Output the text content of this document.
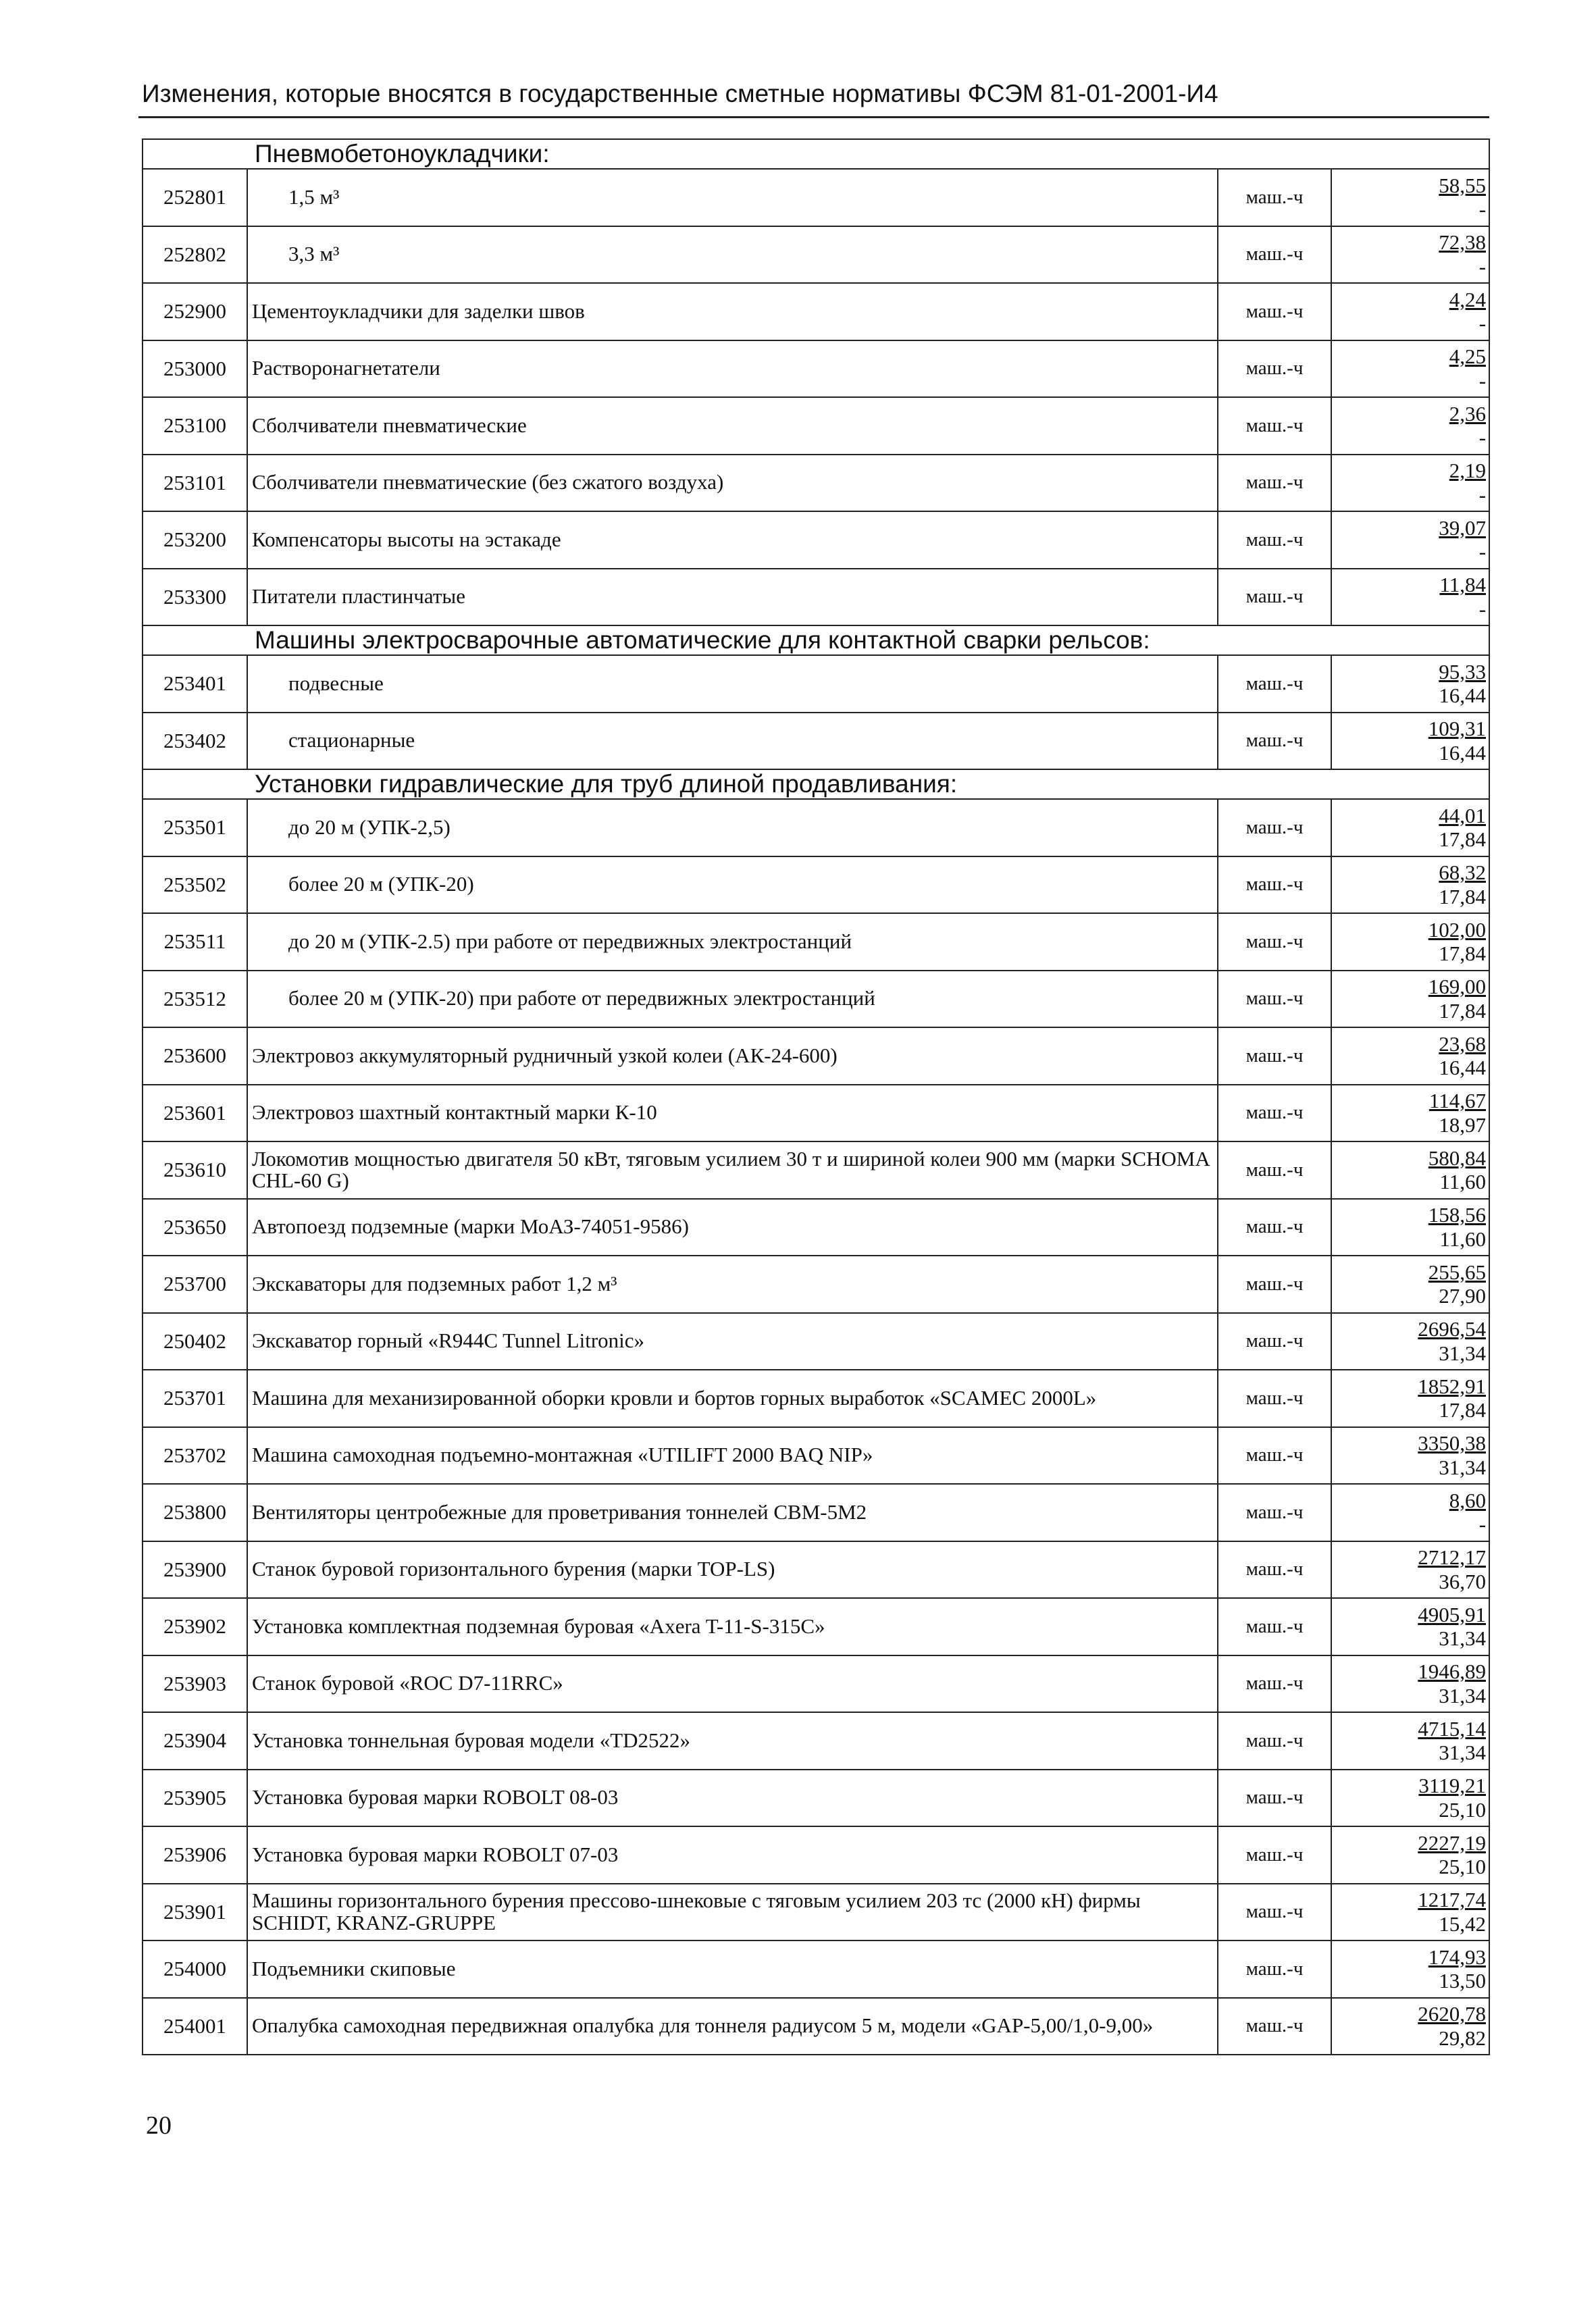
Изменения, которые вносятся в государственные сметные нормативы ФСЭМ 81-01-2001-И4
Пневмобетоноукладчики:			
252801	1,5 м³	маш.-ч	58,55
-

252802	3,3 м³	маш.-ч	72,38
-

252900	Цементоукладчики для заделки швов	маш.-ч	4,24
-

253000	Растворонагнетатели	маш.-ч	4,25
-

253100	Сболчиватели пневматические	маш.-ч	2,36
-

253101	Сболчиватели пневматические (без сжатого воздуха)	маш.-ч	2,19
-

253200	Компенсаторы высоты на эстакаде	маш.-ч	39,07
-

253300	Питатели пластинчатые	маш.-ч	11,84
-

Машины электросварочные автоматические для контактной сварки рельсов:			
253401	подвесные	маш.-ч	95,33
16,44

253402	стационарные	маш.-ч	109,31
16,44

Установки гидравлические для труб длиной продавливания:			
253501	до 20 м (УПК-2,5)	маш.-ч	44,01
17,84

253502	более 20 м (УПК-20)	маш.-ч	68,32
17,84

253511	до 20 м (УПК-2.5) при работе от передвижных электростанций	маш.-ч	102,00
17,84

253512	более 20 м (УПК-20) при работе от передвижных электростанций	маш.-ч	169,00
17,84

253600	Электровоз аккумуляторный рудничный узкой колеи (АК-24-600)	маш.-ч	23,68
16,44

253601	Электровоз шахтный контактный марки К-10	маш.-ч	114,67
18,97

253610	Локомотив мощностью двигателя 50 кВт, тяговым усилием 30 т и шириной колеи 900 мм (марки SCHOMA CHL-60 G)	маш.-ч	580,84
11,60

253650	Автопоезд подземные (марки МоАЗ-74051-9586)	маш.-ч	158,56
11,60

253700	Экскаваторы для подземных работ 1,2 м³	маш.-ч	255,65
27,90

250402	Экскаватор горный «R944C Tunnel Litronic»	маш.-ч	2696,54
31,34

253701	Машина для механизированной оборки кровли и бортов горных выработок «SCAMEC 2000L»	маш.-ч	1852,91
17,84

253702	Машина самоходная подъемно-монтажная «UTILIFT 2000 BAQ NIP»	маш.-ч	3350,38
31,34

253800	Вентиляторы центробежные для проветривания тоннелей СВМ-5М2	маш.-ч	8,60
-

253900	Станок буровой горизонтального бурения (марки TOP-LS)	маш.-ч	2712,17
36,70

253902	Установка комплектная подземная буровая «Axera T-11-S-315C»	маш.-ч	4905,91
31,34

253903	Станок буровой «ROC D7-11RRC»	маш.-ч	1946,89
31,34

253904	Установка тоннельная буровая модели «TD2522»	маш.-ч	4715,14
31,34

253905	Установка буровая марки ROBOLT 08-03	маш.-ч	3119,21
25,10

253906	Установка буровая марки ROBOLT 07-03	маш.-ч	2227,19
25,10

253901	Машины горизонтального бурения прессово-шнековые с тяговым усилием 203 тс (2000 кН) фирмы SCHIDT, KRANZ-GRUPPE	маш.-ч	1217,74
15,42

254000	Подъемники скиповые	маш.-ч	174,93
13,50

254001	Опалубка самоходная передвижная опалубка для тоннеля радиусом 5 м, модели «GAP-5,00/1,0-9,00»	маш.-ч	2620,78
29,82
20
